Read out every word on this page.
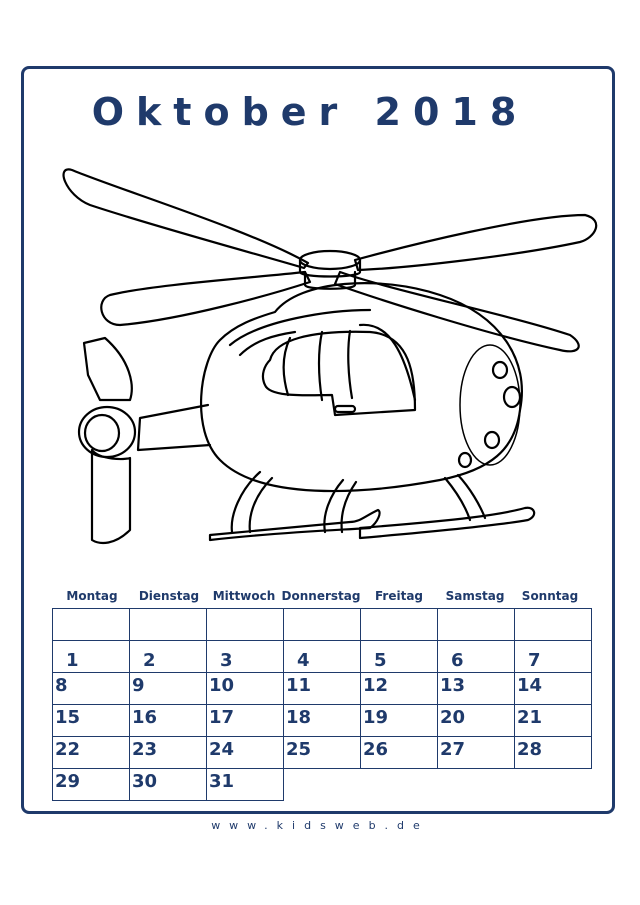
Oktober 2018
Montag	Dienstag	Mittwoch Donnerstag	Freitag	Samstag	Sonntag
1	2	3	4	5	6	7
8	9	10	11	12	13	14
15	16	17	18	19	20	21
22	23	24	25	26	27	28
29	30	31
www.kidsweb.de
